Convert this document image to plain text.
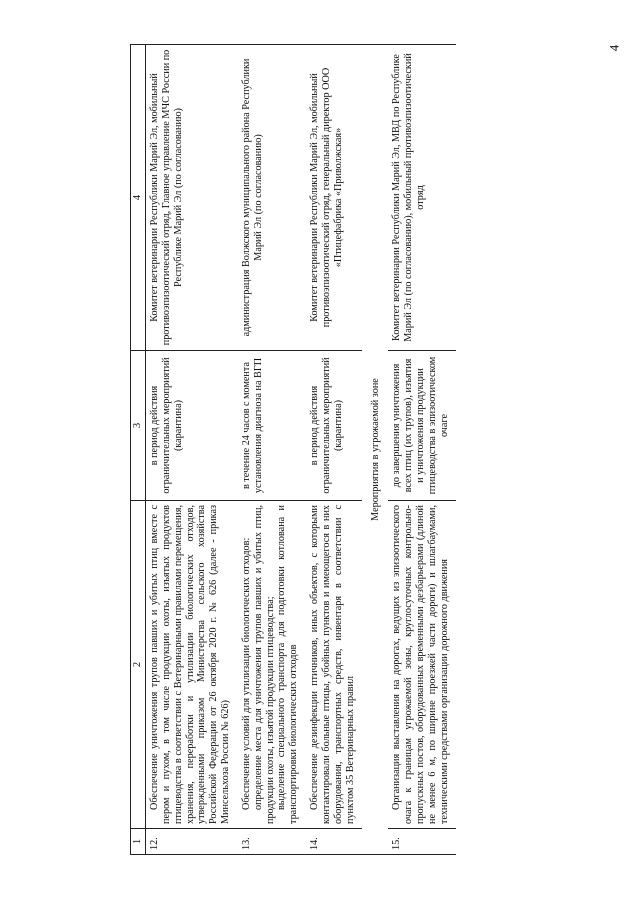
4
1	2	3	4
12.	Обеспечение уничтожения трупов павших и убитых птиц вместе с пером и пухом, в том числе продукции охоты, изъятых продуктов птицеводства в соответствии с Ветеринарными правилами перемещения, хранения, переработки и утилизации биологических отходов, утвержденными приказом Министерства сельского хозяйства Российской Федерации от 26 октября 2020 г. № 626 (далее - приказ Минсельхоза России № 626)	в период действия ограничительных мероприятий (карантина)	Комитет ветеринарии Республики Марий Эл, мобильный противоэпизоотический отряд, Главное управление МЧС России по Республике Марий Эл (по согласованию)
13.	Обеспечение условий для утилизации биологических отходов: определение места для уничтожения трупов павших и убитых птиц, продукции охоты, изъятой продукции птицеводства; выделение специального транспорта для подготовки котлована и транспортировки биологических отходов	в течение 24 часов с момента установления диагноза на ВГП	администрация Волжского муниципального района Республики Марий Эл (по согласованию)
14.	Обеспечение дезинфекции птичников, иных объектов, с которыми контактировали больные птицы, убойных пунктов и имеющегося в них оборудования, транспортных средств, инвентаря в соответствии с пунктом 35 Ветеринарных правил	в период действия ограничительных мероприятий (карантина)	Комитет ветеринарии Республики Марий Эл, мобильный противоэпизоотический отряд, генеральный директор ООО «Птицефабрика «Приволжская»
Мероприятия в угрожаемой зоне			
15.	Организация выставления на дорогах, ведущих из эпизоотического очага к границам угрожаемой зоны, круглосуточных контрольно-пропускных постов, оборудованных временными дезбарьерами (длиной не менее 6 м, по ширине проезжей части дороги) и шлагбаумами, техническими средствами организации дорожного движения	до завершения уничтожения всех птиц (их трупов), изъятия и уничтожения продукции птицеводства в эпизоотическом очаге	Комитет ветеринарии Республики Марий Эл, МВД по Республике Марий Эл (по согласованию), мобильный противоэпизоотический отряд
